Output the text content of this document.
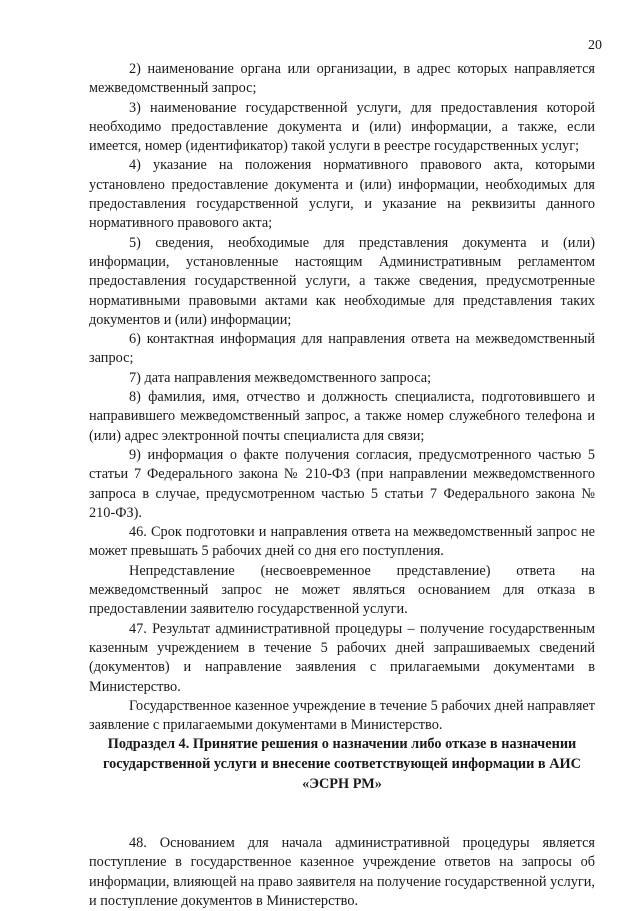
20

2) наименование органа или организации, в адрес которых направляется межведомственный запрос;

3) наименование государственной услуги, для предоставления которой необходимо предоставление документа и (или) информации, а также, если имеется, номер (идентификатор) такой услуги в реестре государственных услуг;

4) указание на положения нормативного правового акта, которыми установлено предоставление документа и (или) информации, необходимых для предоставления государственной услуги, и указание на реквизиты данного нормативного правового акта;

5) сведения, необходимые для представления документа и (или) информации, установленные настоящим Административным регламентом предоставления государственной услуги, а также сведения, предусмотренные нормативными правовыми актами как необходимые для представления таких документов и (или) информации;

6) контактная информация для направления ответа на межведомственный запрос;

7) дата направления межведомственного запроса;

8) фамилия, имя, отчество и должность специалиста, подготовившего и направившего межведомственный запрос, а также номер служебного телефона и (или) адрес электронной почты специалиста для связи;

9) информация о факте получения согласия, предусмотренного частью 5 статьи 7 Федерального закона № 210-ФЗ (при направлении межведомственного запроса в случае, предусмотренном частью 5 статьи 7 Федерального закона № 210-ФЗ).

46. Срок подготовки и направления ответа на межведомственный запрос не может превышать 5 рабочих дней со дня его поступления.

Непредставление (несвоевременное представление) ответа на межведомственный запрос не может являться основанием для отказа в предоставлении заявителю государственной услуги.

47. Результат административной процедуры – получение государственным казенным учреждением в течение 5 рабочих дней запрашиваемых сведений (документов) и направление заявления с прилагаемыми документами в Министерство.

Государственное казенное учреждение в течение 5 рабочих дней направляет заявление с прилагаемыми документами в Министерство.

Подраздел 4. Принятие решения о назначении либо отказе в назначении государственной услуги и внесение соответствующей информации в АИС «ЭСРН РМ»

48. Основанием для начала административной процедуры является поступление в государственное казенное учреждение ответов на запросы об информации, влияющей на право заявителя на получение государственной услуги, и поступление документов в Министерство.
